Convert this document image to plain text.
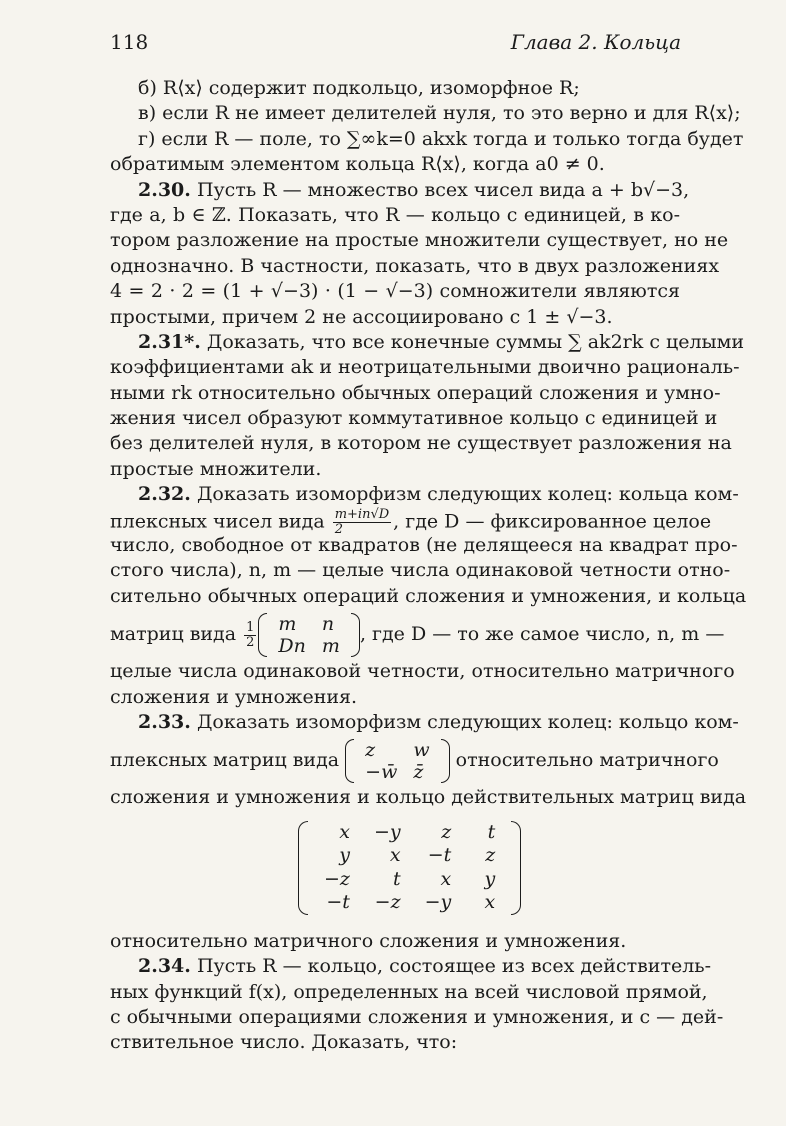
118	Глава 2. Кольца
б) R⟨x⟩ содержит подкольцо, изоморфное R;
в) если R не имеет делителей нуля, то это верно и для R⟨x⟩;
г) если R — поле, то ∑∞k=0 akxk тогда и только тогда будет
обратимым элементом кольца R⟨x⟩, когда a0 ≠ 0.
2.30. Пусть R — множество всех чисел вида a + b√−3,
где a, b ∈ ℤ. Показать, что R — кольцо с единицей, в ко-
тором разложение на простые множители существует, но не
однозначно. В частности, показать, что в двух разложениях
4 = 2 · 2 = (1 + √−3) · (1 − √−3) сомножители являются
простыми, причем 2 не ассоциировано с 1 ± √−3.
2.31*. Доказать, что все конечные суммы ∑ ak2rk с целыми
коэффициентами ak и неотрицательными двоично рациональ-
ными rk относительно обычных операций сложения и умно-
жения чисел образуют коммутативное кольцо с единицей и
без делителей нуля, в котором не существует разложения на
простые множители.
2.32. Доказать изоморфизм следующих колец: кольца ком-
плексных чисел вида $\frac{m+in√D}{2}$ , где D — фиксированное целое
число, свободное от квадратов (не делящееся на квадрат про-
стого числа), n, m — целые числа одинаковой четности отно-
сительно обычных операций сложения и умножения, и кольца
матриц вида $\frac{1}{2}$ m	n
Dn	m
, где D — то же самое число, n, m —
целые числа одинаковой четности, относительно матричного
сложения и умножения.
2.33. Доказать изоморфизм следующих колец: кольцо ком-
плексных матриц вида z	w
−w̄	z̄
относительно матричного
сложения и умножения и кольцо действительных матриц вида
x	−y	z	t
y	x	−t	z
−z	t	x	y
−t	−z	−y	x
относительно матричного сложения и умножения.
2.34. Пусть R — кольцо, состоящее из всех действитель-
ных функций f(x), определенных на всей числовой прямой,
с обычными операциями сложения и умножения, и c — дей-
ствительное число. Доказать, что:
